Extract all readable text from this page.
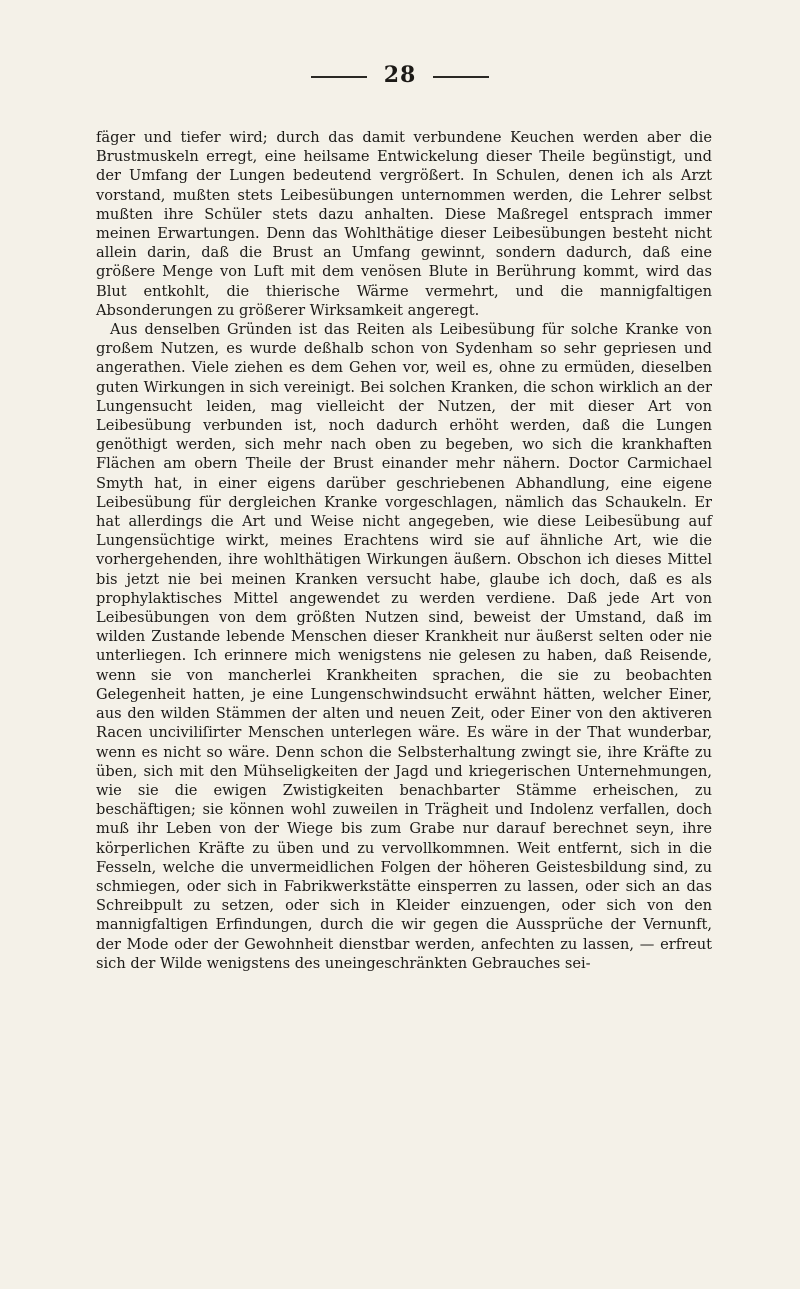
28

fäger und tiefer wird; durch das damit verbundene Keuchen werden aber die Brustmuskeln erregt, eine heilsame Entwickelung dieser Theile begünstigt, und der Umfang der Lungen bedeutend vergrößert. In Schulen, denen ich als Arzt vorstand, mußten stets Leibesübungen unternommen werden, die Lehrer selbst mußten ihre Schüler stets dazu anhalten. Diese Maßregel entsprach immer meinen Erwartungen. Denn das Wohlthätige dieser Leibesübungen besteht nicht allein darin, daß die Brust an Umfang gewinnt, sondern dadurch, daß eine größere Menge von Luft mit dem venösen Blute in Berührung kommt, wird das Blut entkohlt, die thierische Wärme vermehrt, und die mannigfaltigen Absonderungen zu größerer Wirksamkeit angeregt.

Aus denselben Gründen ist das Reiten als Leibesübung für solche Kranke von großem Nutzen, es wurde deßhalb schon von Sydenham so sehr gepriesen und angerathen. Viele ziehen es dem Gehen vor, weil es, ohne zu ermüden, dieselben guten Wirkungen in sich vereinigt. Bei solchen Kranken, die schon wirklich an der Lungensucht leiden, mag vielleicht der Nutzen, der mit dieser Art von Leibesübung verbunden ist, noch dadurch erhöht werden, daß die Lungen genöthigt werden, sich mehr nach oben zu begeben, wo sich die krankhaften Flächen am obern Theile der Brust einander mehr nähern. Doctor Carmichael Smyth hat, in einer eigens darüber geschriebenen Abhandlung, eine eigene Leibesübung für dergleichen Kranke vorgeschlagen, nämlich das Schaukeln. Er hat allerdings die Art und Weise nicht angegeben, wie diese Leibesübung auf Lungensüchtige wirkt, meines Erachtens wird sie auf ähnliche Art, wie die vorhergehenden, ihre wohlthätigen Wirkungen äußern. Obschon ich dieses Mittel bis jetzt nie bei meinen Kranken versucht habe, glaube ich doch, daß es als prophylaktisches Mittel angewendet zu werden verdiene. Daß jede Art von Leibesübungen von dem größten Nutzen sind, beweist der Umstand, daß im wilden Zustande lebende Menschen dieser Krankheit nur äußerst selten oder nie unterliegen. Ich erinnere mich wenigstens nie gelesen zu haben, daß Reisende, wenn sie von mancherlei Krankheiten sprachen, die sie zu beobachten Gelegenheit hatten, je eine Lungenschwindsucht erwähnt hätten, welcher Einer, aus den wilden Stämmen der alten und neuen Zeit, oder Einer von den aktiveren Racen unciviliſirter Menschen unterlegen wäre. Es wäre in der That wunderbar, wenn es nicht so wäre. Denn schon die Selbsterhaltung zwingt sie, ihre Kräfte zu üben, sich mit den Mühseligkeiten der Jagd und kriegerischen Unternehmungen, wie sie die ewigen Zwistigkeiten benachbarter Stämme erheischen, zu beschäftigen; sie können wohl zuweilen in Trägheit und Indolenz verfallen, doch muß ihr Leben von der Wiege bis zum Grabe nur darauf berechnet seyn, ihre körperlichen Kräfte zu üben und zu vervollkommnen. Weit entfernt, sich in die Fesseln, welche die unvermeidlichen Folgen der höheren Geistesbildung sind, zu schmiegen, oder sich in Fabrikwerkstätte einsperren zu lassen, oder sich an das Schreibpult zu setzen, oder sich in Kleider einzuengen, oder sich von den mannigfaltigen Erfindungen, durch die wir gegen die Aussprüche der Vernunft, der Mode oder der Gewohnheit dienstbar werden, anfechten zu lassen, — erfreut sich der Wilde wenigstens des uneingeschränkten Gebrauches sei-
